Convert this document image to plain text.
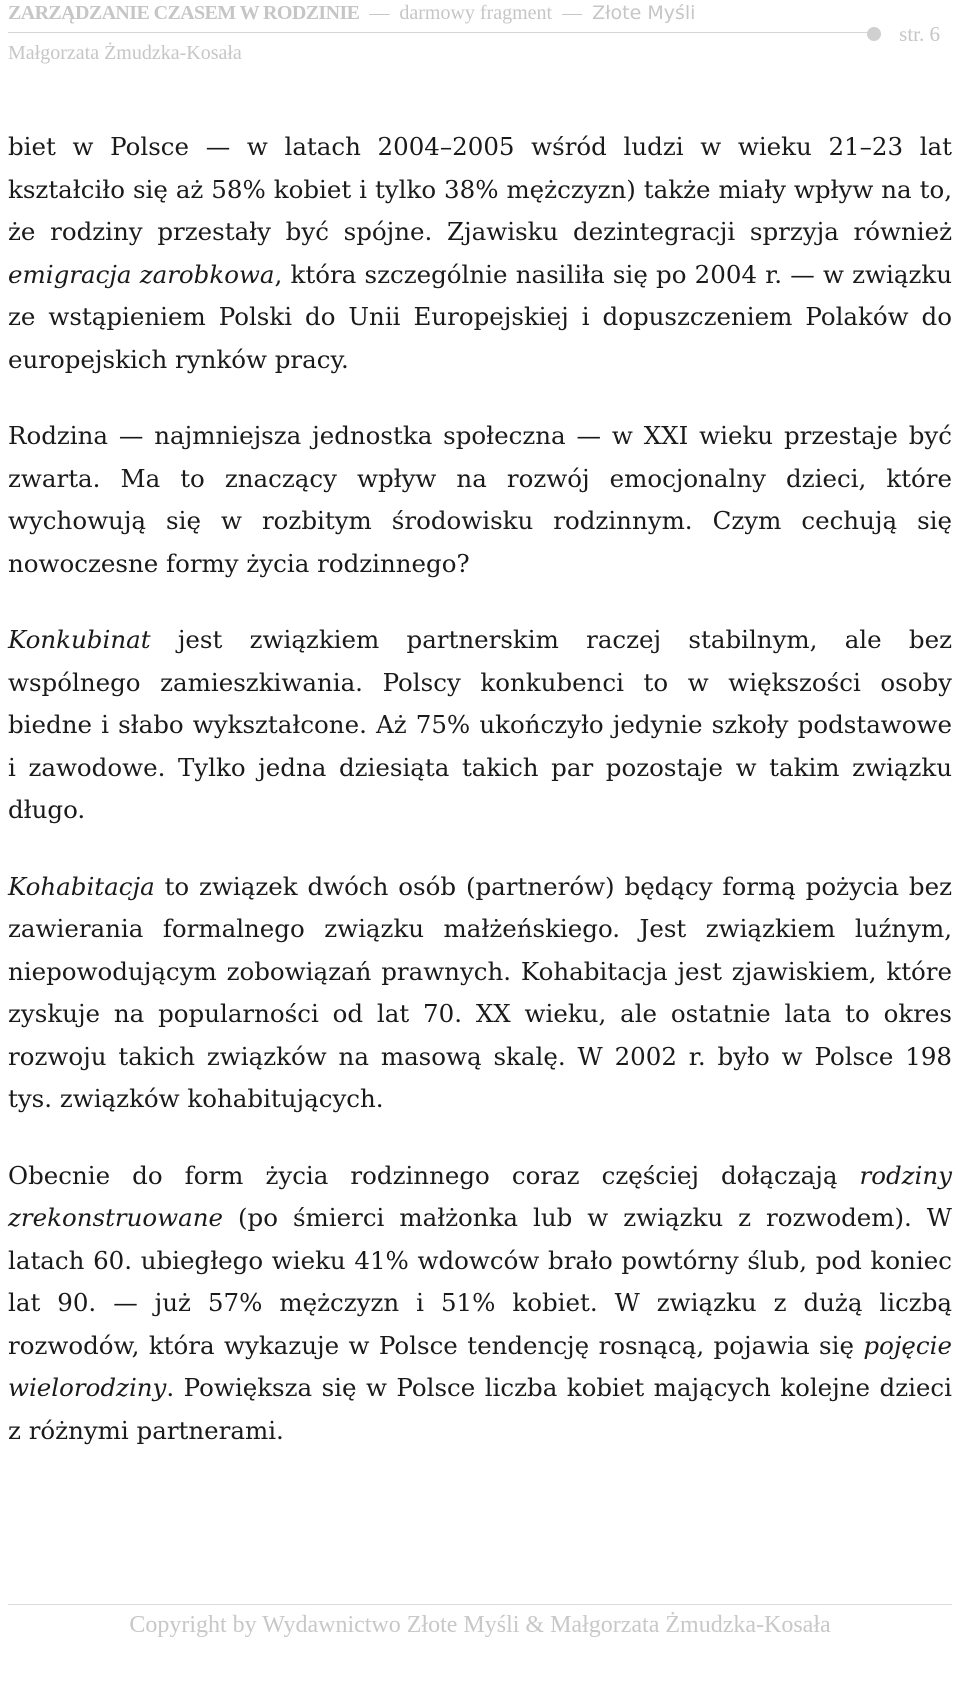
ZARZĄDZANIE CZASEM W RODZINIE — darmowy fragment — Złote Myśli
Małgorzata Żmudzka-Kosała
str. 6

biet w Polsce — w latach 2004–2005 wśród ludzi w wieku 21–23 lat kształciło się aż 58% kobiet i tylko 38% mężczyzn) także miały wpływ na to, że rodziny przestały być spójne. Zjawisku dezintegracji sprzyja również emigracja zarobkowa, która szczególnie nasiliła się po 2004 r. — w związku ze wstąpieniem Polski do Unii Europejskiej i dopuszczeniem Polaków do europejskich rynków pracy.

Rodzina — najmniejsza jednostka społeczna — w XXI wieku przestaje być zwarta. Ma to znaczący wpływ na rozwój emocjonalny dzieci, które wychowują się w rozbitym środowisku rodzinnym. Czym cechują się nowoczesne formy życia rodzinnego?

Konkubinat jest związkiem partnerskim raczej stabilnym, ale bez wspólnego zamieszkiwania. Polscy konkubenci to w większości osoby biedne i słabo wykształcone. Aż 75% ukończyło jedynie szkoły podstawowe i zawodowe. Tylko jedna dziesiąta takich par pozostaje w takim związku długo.

Kohabitacja to związek dwóch osób (partnerów) będący formą pożycia bez zawierania formalnego związku małżeńskiego. Jest związkiem luźnym, niepowodującym zobowiązań prawnych. Kohabitacja jest zjawiskiem, które zyskuje na popularności od lat 70. XX wieku, ale ostatnie lata to okres rozwoju takich związków na masową skalę. W 2002 r. było w Polsce 198 tys. związków kohabitujących.

Obecnie do form życia rodzinnego coraz częściej dołączają rodziny zrekonstruowane (po śmierci małżonka lub w związku z rozwodem). W latach 60. ubiegłego wieku 41% wdowców brało powtórny ślub, pod koniec lat 90. — już 57% mężczyzn i 51% kobiet. W związku z dużą liczbą rozwodów, która wykazuje w Polsce tendencję rosnącą, pojawia się pojęcie wielorodziny. Powiększa się w Polsce liczba kobiet mających kolejne dzieci z różnymi partnerami.

Copyright by Wydawnictwo Złote Myśli & Małgorzata Żmudzka-Kosała
